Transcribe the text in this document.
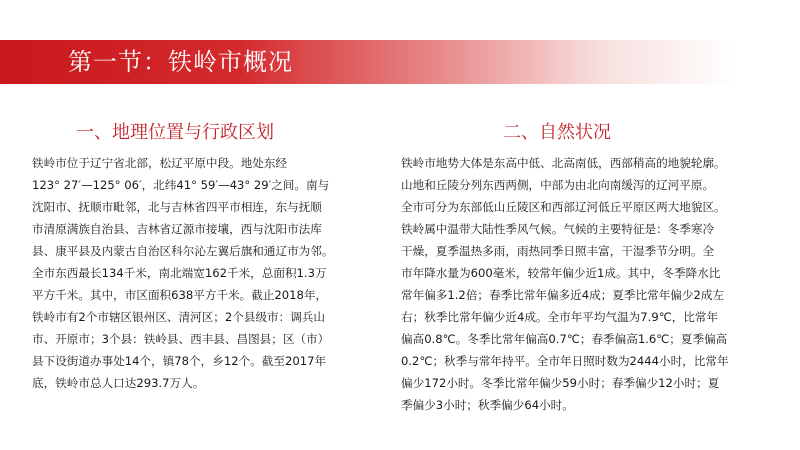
第一节：铁岭市概况
一、地理位置与行政区划	二、自然状况
铁岭市位于辽宁省北部，松辽平原中段。地处东经
123° 27′—125° 06′，北纬41° 59′—43° 29′之间。南与
沈阳市、抚顺市毗邻，北与吉林省四平市相连，东与抚顺
市清原满族自治县、吉林省辽源市接壤，西与沈阳市法库
县、康平县及内蒙古自治区科尔沁左翼后旗和通辽市为邻。
全市东西最长134千米，南北端宽162千米，总面积1.3万
平方千米。其中，市区面积638平方千米。截止2018年，
铁岭市有2个市辖区银州区、清河区；2个县级市：调兵山
市、开原市；3个县：铁岭县、西丰县、昌图县；区（市）
县下设街道办事处14个，镇78个，乡12个。截至2017年
底，铁岭市总人口达293.7万人。
铁岭市地势大体是东高中低、北高南低，西部稍高的地貌轮廓。
山地和丘陵分列东西两侧，中部为由北向南缓泻的辽河平原。
全市可分为东部低山丘陵区和西部辽河低丘平原区两大地貌区。
铁岭属中温带大陆性季风气候。气候的主要特征是：冬季寒冷
干燥，夏季温热多雨，雨热同季日照丰富，干湿季节分明。全
市年降水量为600毫米，较常年偏少近1成。其中，冬季降水比
常年偏多1.2倍；春季比常年偏多近4成；夏季比常年偏少2成左
右；秋季比常年偏少近4成。全市年平均气温为7.9℃，比常年
偏高0.8℃。冬季比常年偏高0.7℃；春季偏高1.6℃；夏季偏高
0.2℃；秋季与常年持平。全市年日照时数为2444小时，比常年
偏少172小时。冬季比常年偏少59小时；春季偏少12小时；夏
季偏少3小时；秋季偏少64小时。
